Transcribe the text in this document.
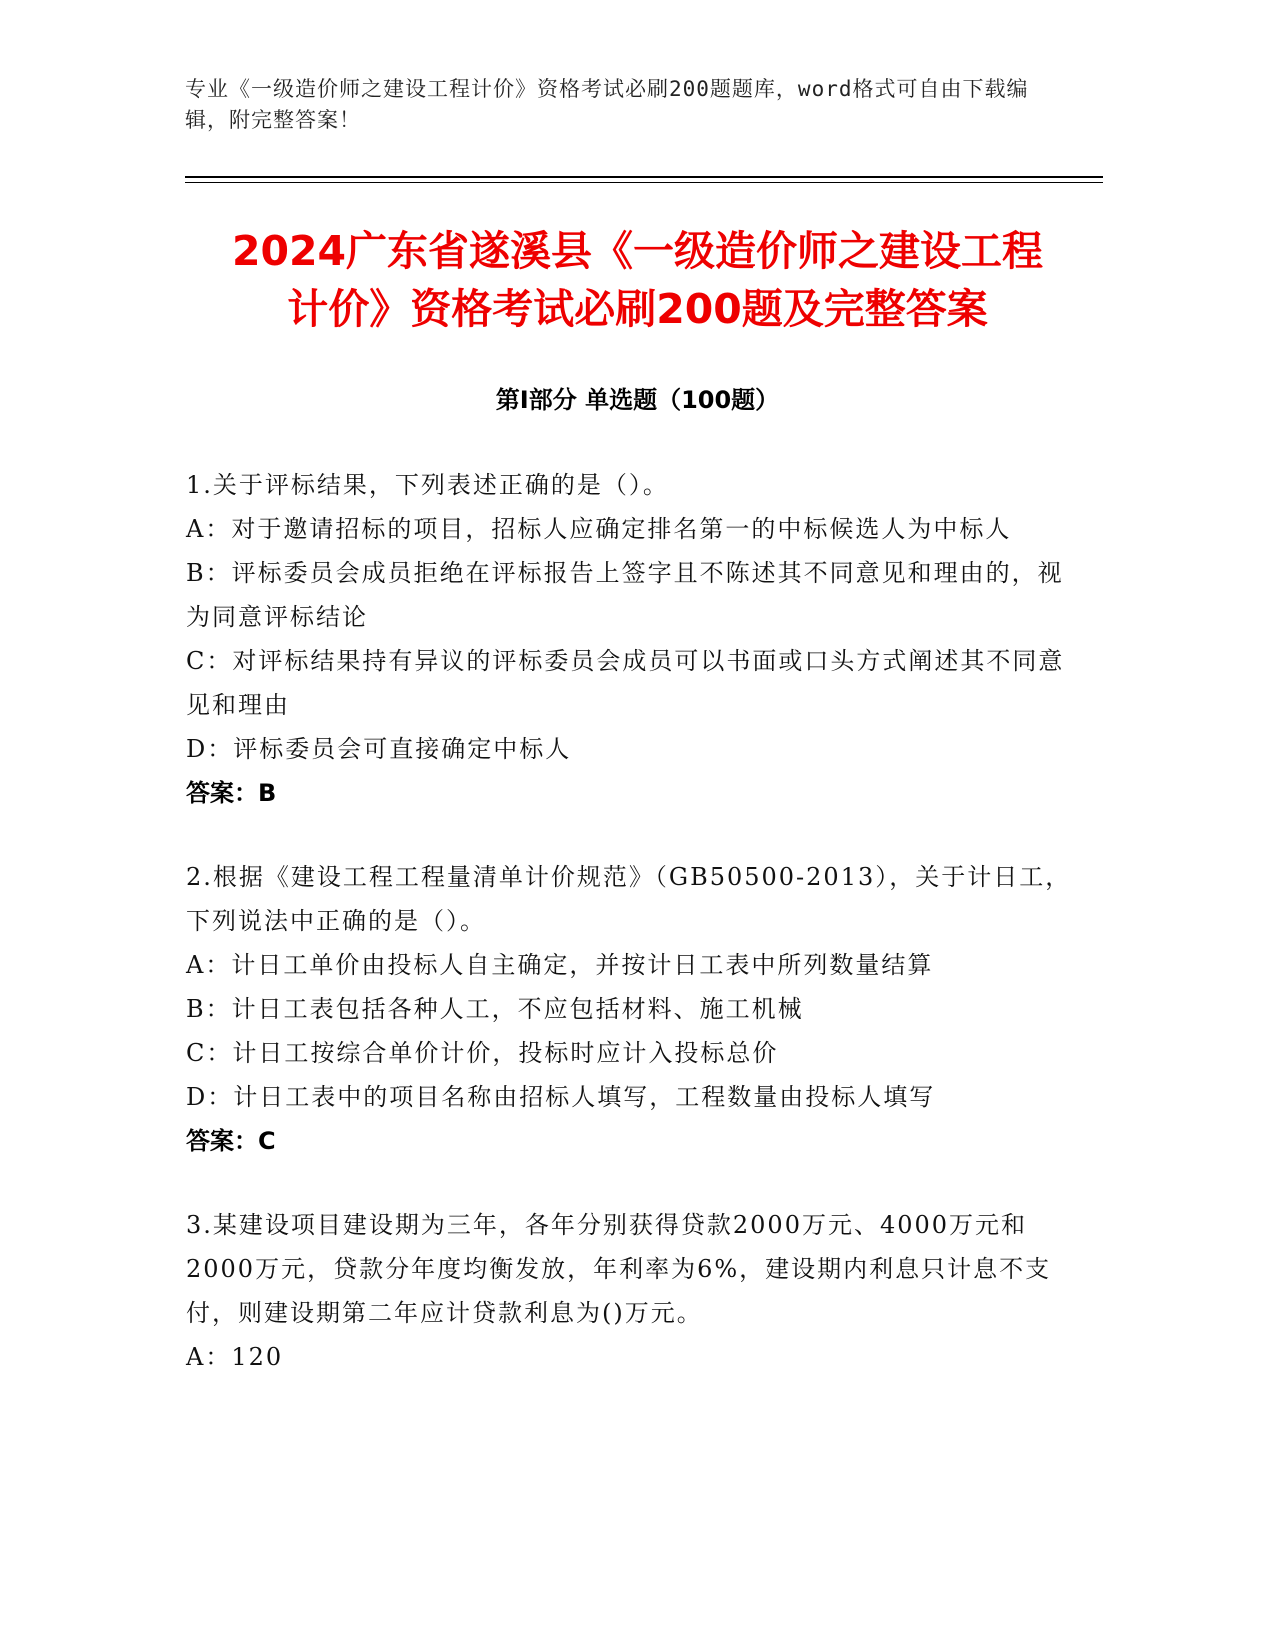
专业《一级造价师之建设工程计价》资格考试必刷200题题库，word格式可自由下载编辑，附完整答案！
2024广东省遂溪县《一级造价师之建设工程
计价》资格考试必刷200题及完整答案
第Ⅰ部分 单选题（100题）
1.关于评标结果，下列表述正确的是（）。
A：对于邀请招标的项目，招标人应确定排名第一的中标候选人为中标人
B：评标委员会成员拒绝在评标报告上签字且不陈述其不同意见和理由的，视为同意评标结论
C：对评标结果持有异议的评标委员会成员可以书面或口头方式阐述其不同意见和理由
D：评标委员会可直接确定中标人
答案：B
2.根据《建设工程工程量清单计价规范》（GB50500-2013），关于计日工，下列说法中正确的是（）。
A：计日工单价由投标人自主确定，并按计日工表中所列数量结算
B：计日工表包括各种人工，不应包括材料、施工机械
C：计日工按综合单价计价，投标时应计入投标总价
D：计日工表中的项目名称由招标人填写，工程数量由投标人填写
答案：C
3.某建设项目建设期为三年，各年分别获得贷款2000万元、4000万元和2000万元，贷款分年度均衡发放，年利率为6%，建设期内利息只计息不支付，则建设期第二年应计贷款利息为()万元。
A：120
